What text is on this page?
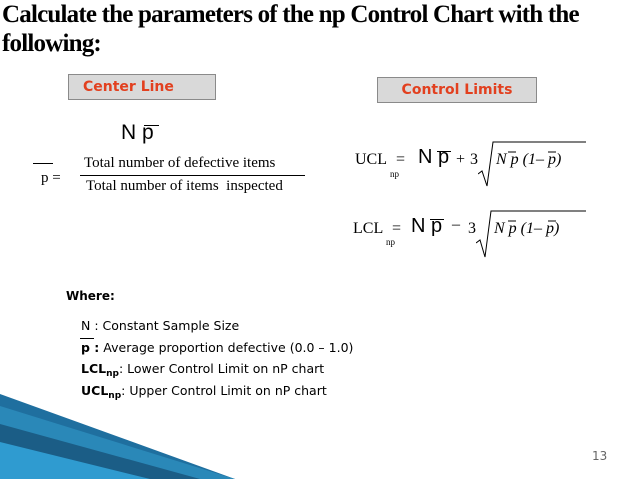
Calculate the parameters of the np Control Chart with the following:
Center Line	Control Limits
N p
p =
Total number of defective items
Total number of items  inspected
UCL
np
= N p + 3 N p (1– p)
LCL
np
= N p – 3 N p (1– p)
Where:
N : Constant Sample Size
p : Average proportion defective (0.0 – 1.0)
$LCL_{np}$: Lower Control Limit on nP chart
$UCL_{np}$: Upper Control Limit on nP chart
13
